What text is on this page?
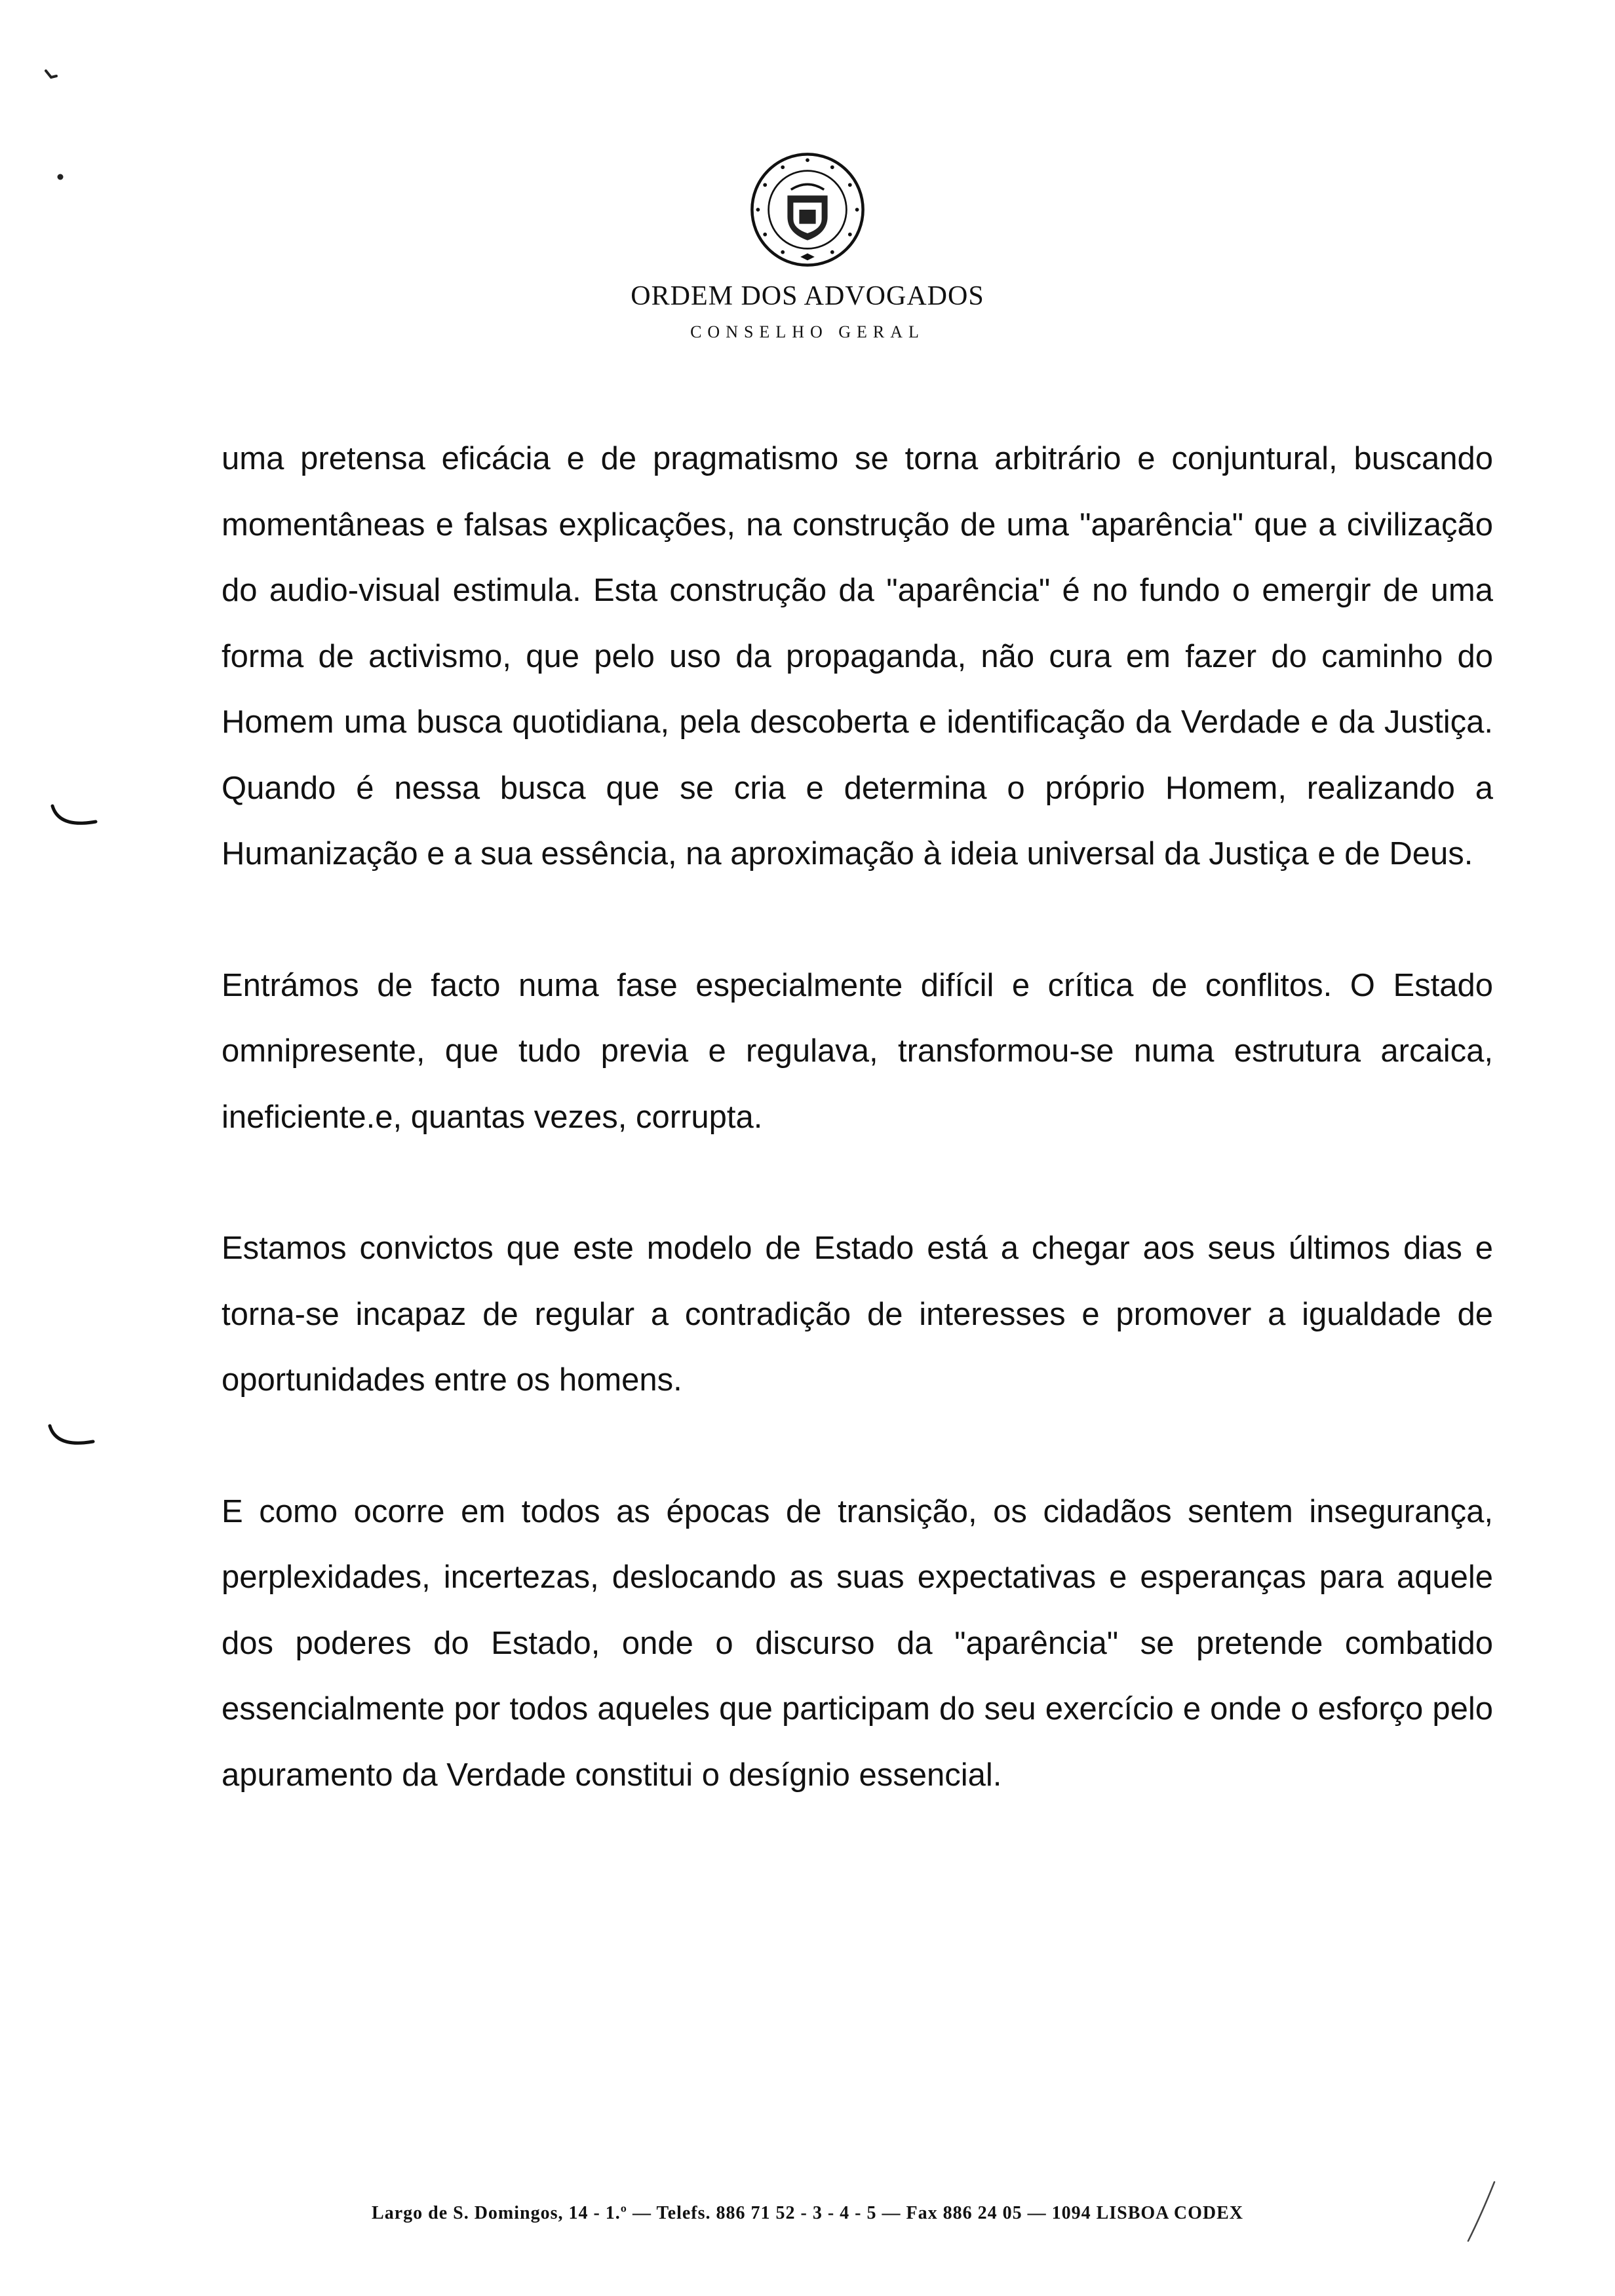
ORDEM DOS ADVOGADOS
CONSELHO GERAL

uma pretensa eficácia e de pragmatismo se torna arbitrário e conjuntural, buscando momentâneas e falsas explicações, na construção de uma "aparência" que a civilização do audio-visual estimula. Esta construção da "aparência" é no fundo o emergir de uma forma de activismo, que pelo uso da propaganda, não cura em fazer do caminho do Homem uma busca quotidiana, pela descoberta e identificação da Verdade e da Justiça. Quando é nessa busca que se cria e determina o próprio Homem, realizando a Humanização e a sua essência, na aproximação à ideia universal da Justiça e de Deus.

Entrámos de facto numa fase especialmente difícil e crítica de conflitos. O Estado omnipresente, que tudo previa e regulava, transformou-se numa estrutura arcaica, ineficiente.e, quantas vezes, corrupta.

Estamos convictos que este modelo de Estado está a chegar aos seus últimos dias e torna-se incapaz de regular a contradição de interesses e promover a igualdade de oportunidades entre os homens.

E como ocorre em todos as épocas de transição, os cidadãos sentem insegurança, perplexidades, incertezas, deslocando as suas expectativas e esperanças para aquele dos poderes do Estado, onde o discurso da "aparência" se pretende combatido essencialmente por todos aqueles que participam do seu exercício e onde o esforço pelo apuramento da Verdade constitui o desígnio essencial.

Largo de S. Domingos, 14 - 1.º — Telefs. 886 71 52 - 3 - 4 - 5 — Fax 886 24 05 — 1094 LISBOA CODEX
